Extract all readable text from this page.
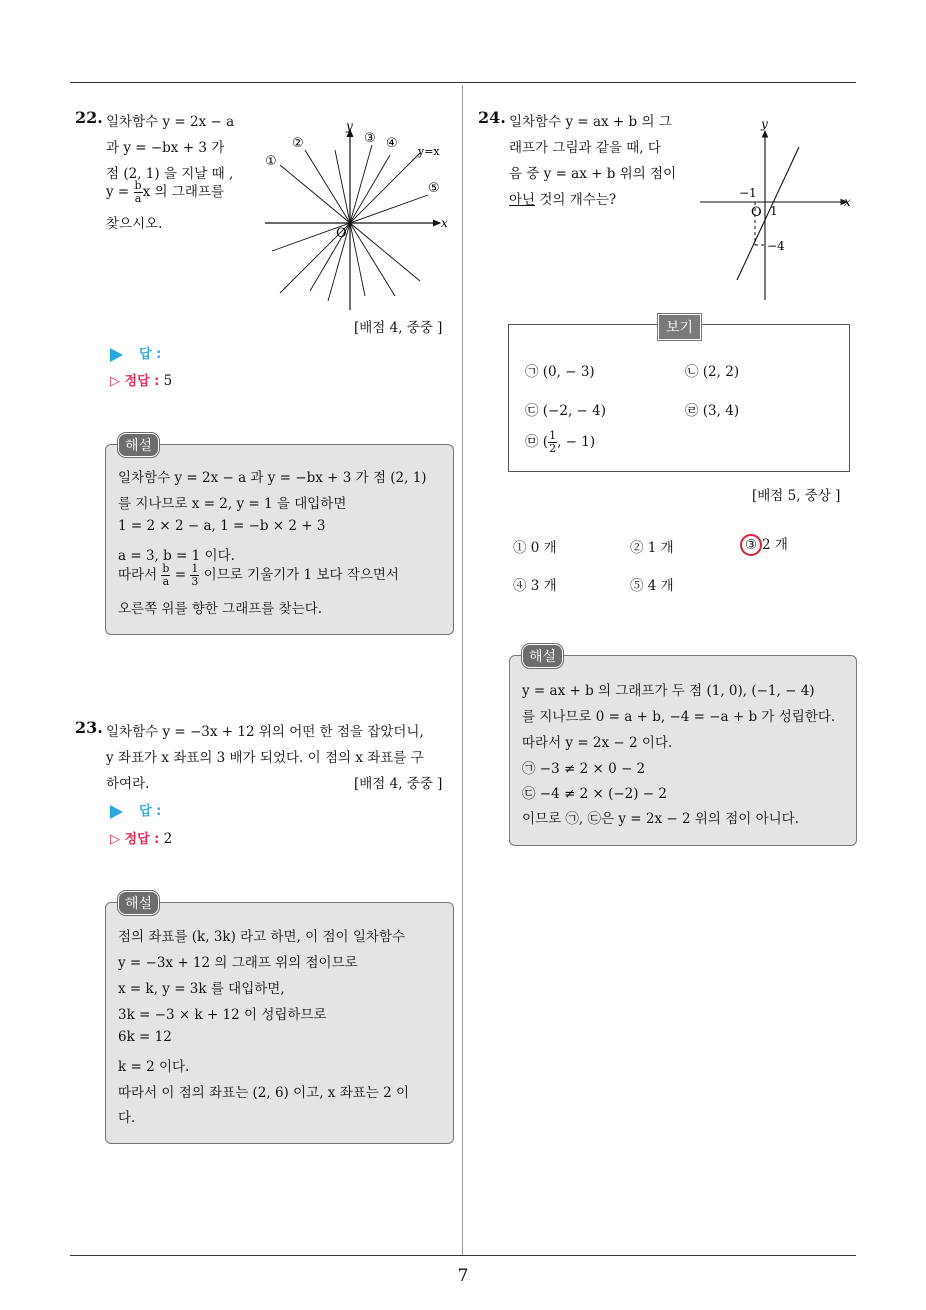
22. 일차함수 y = 2x − a
과 y = −bx + 3 가
점 (2, 1) 을 지날 때 ,
$y = \frac{b}{a}$ x 의 그래프를
찾으시오.
y
x
O
y=x
①
②	③ ④
⑤
[배점 4, 중중 ]
답 :
▷ 정답 : 5
해설
일차함수 y = 2x − a 과 y = −bx + 3 가 점 (2, 1)
를 지나므로 x = 2, y = 1 을 대입하면
1 = 2 × 2 − a, 1 = −b × 2 + 3
a = 3, b = 1 이다.
따라서 $\frac{b}{a} = \frac{1}{3}$ 이므로 기울기가 1 보다 작으면서
오른쪽 위를 향한 그래프를 찾는다.
23. 일차함수 y = −3x + 12 위의 어떤 한 점을 잡았더니,
y 좌표가 x 좌표의 3 배가 되었다. 이 점의 x 좌표를 구
하여라.	[배점 4, 중중 ]
답 :
▷ 정답 : 2
해설
점의 좌표를 (k, 3k) 라고 하면, 이 점이 일차함수
y = −3x + 12 의 그래프 위의 점이므로
x = k, y = 3k 를 대입하면,
3k = −3 × k + 12 이 성립하므로
6k = 12
k = 2 이다.
따라서 이 점의 좌표는 (2, 6) 이고, x 좌표는 2 이
다.
24. 일차함수 y = ax + b 의 그
래프가 그림과 같을 때, 다
음 중 y = ax + b 위의 점이
아닌 것의 개수는?
y
x
−1
O 1
−4
보기
㉠ (0, − 3)	㉡ (2, 2)
㉢ (−2, − 4)	㉣ (3, 4)
㉤ ( $\frac{1}{2}$ , − 1)
[배점 5, 중상 ]
① 0 개	② 1 개	③ 2 개
④ 3 개	⑤ 4 개
해설
y = ax + b 의 그래프가 두 점 (1, 0), (−1, − 4)
를 지나므로 0 = a + b, −4 = −a + b 가 성립한다.
따라서 y = 2x − 2 이다.
㉠ −3 ≠ 2 × 0 − 2
㉢ −4 ≠ 2 × (−2) − 2
이므로 ㉠, ㉢은 y = 2x − 2 위의 점이 아니다.
7
